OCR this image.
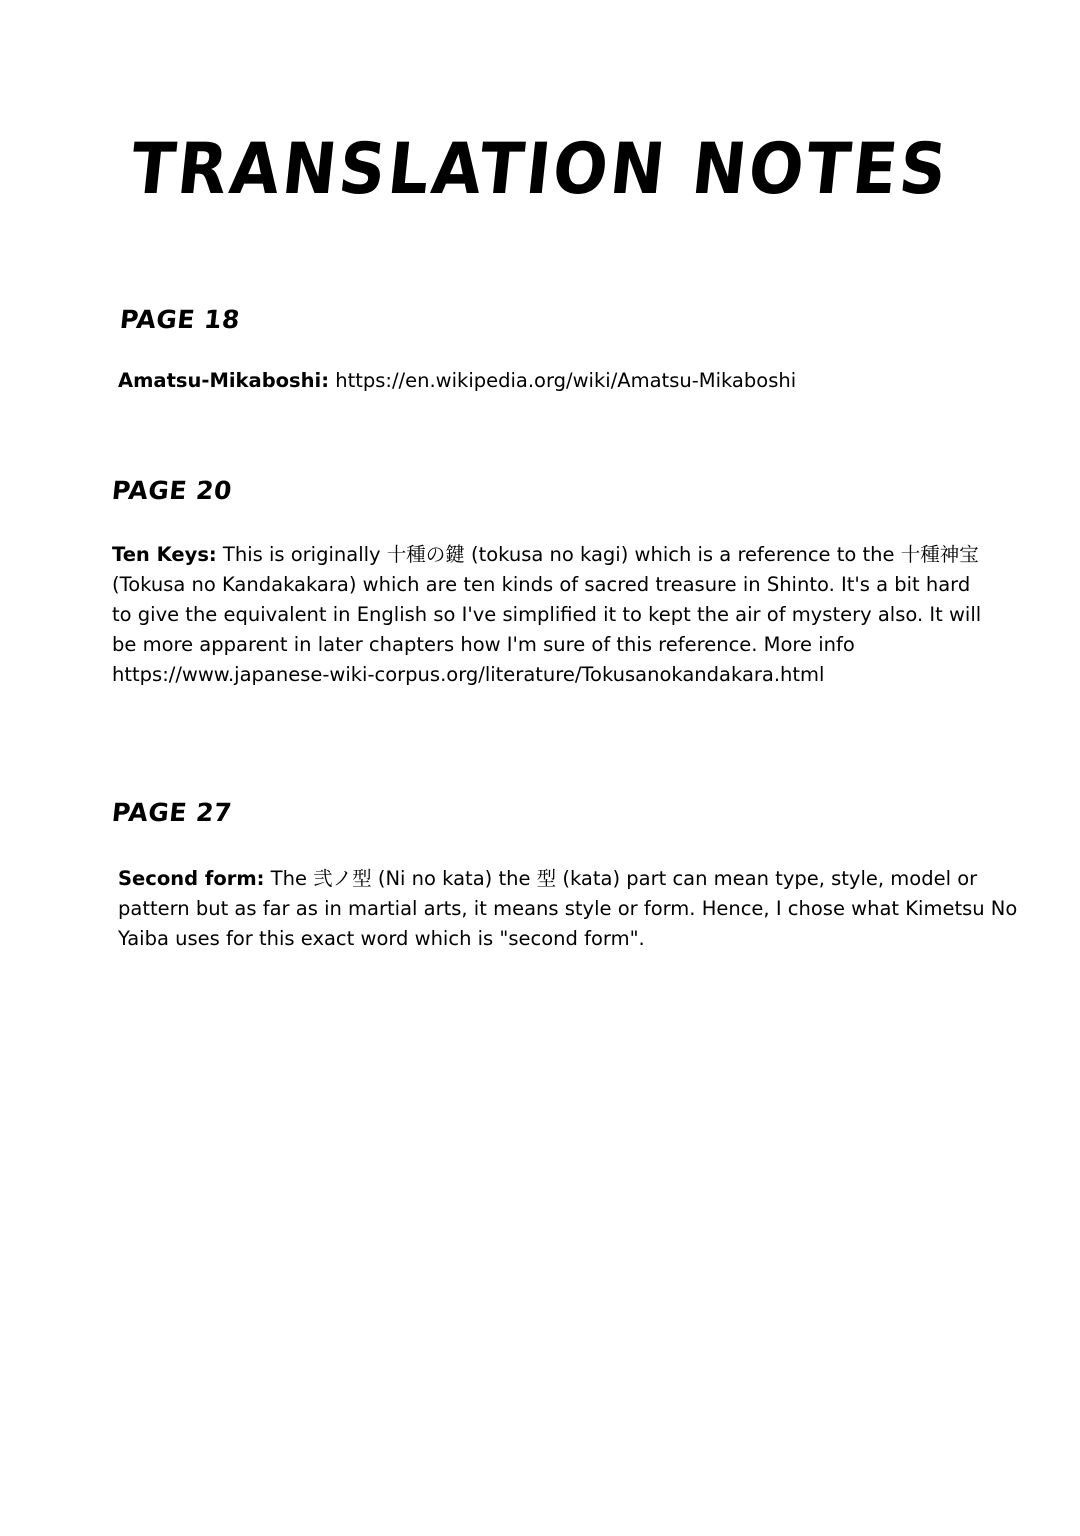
TRANSLATION NOTES
PAGE 18

Amatsu-Mikaboshi: https://en.wikipedia.org/wiki/Amatsu-Mikaboshi

PAGE 20

Ten Keys: This is originally 十種の鍵 (tokusa no kagi) which is a reference to the 十種神宝 (Tokusa no Kandakakara) which are ten kinds of sacred treasure in Shinto. It's a bit hard to give the equivalent in English so I've simplified it to kept the air of mystery also. It will be more apparent in later chapters how I'm sure of this reference. More info
https://www.japanese-wiki-corpus.org/literature/Tokusanokandakara.html

PAGE 27

Second form: The 弐ノ型 (Ni no kata) the 型 (kata) part can mean type, style, model or pattern but as far as in martial arts, it means style or form. Hence, I chose what Kimetsu No Yaiba uses for this exact word which is "second form".
